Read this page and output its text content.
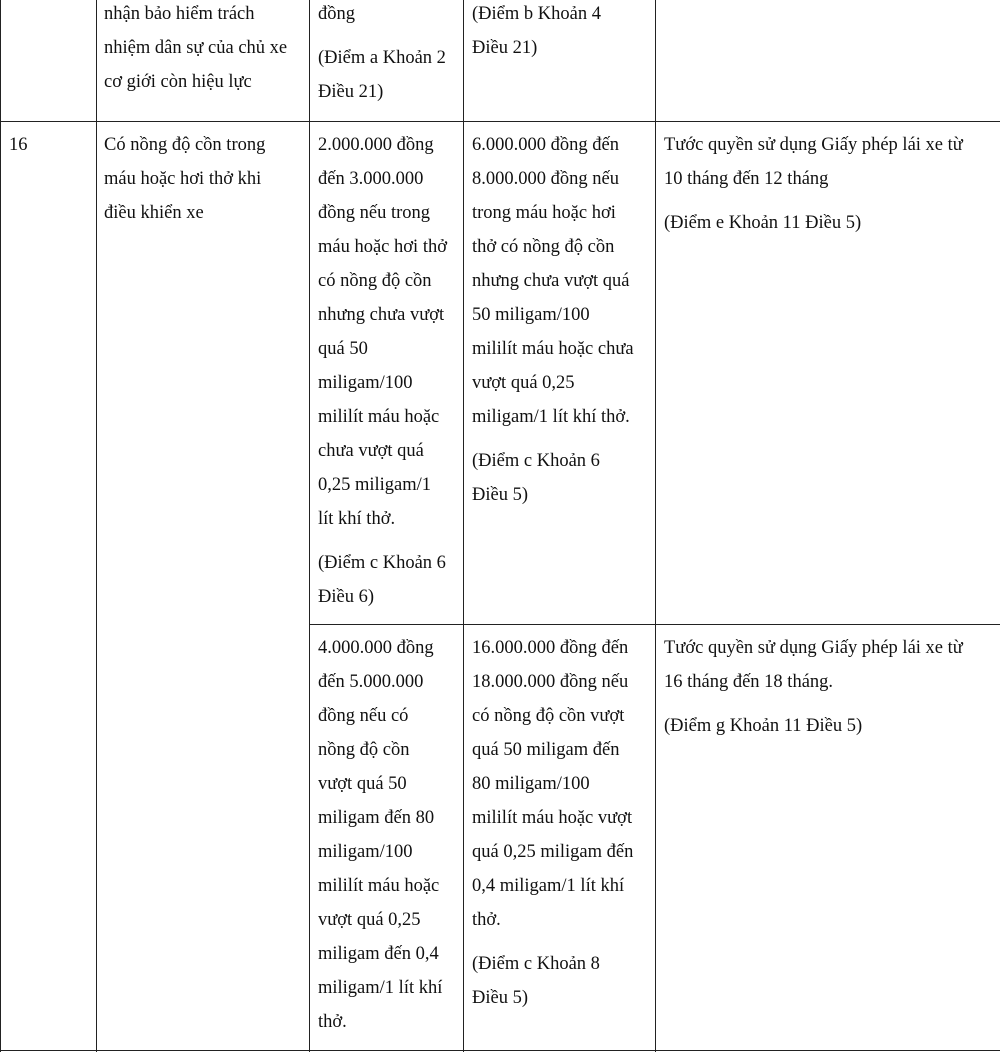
nhận bảo hiểm trách
nhiệm dân sự của chủ xe
cơ giới còn hiệu lực
đồng
(Điểm a Khoản 2
Điều 21)
(Điểm b Khoản 4
Điều 21)
16	Có nồng độ cồn trong
máu hoặc hơi thở khi
điều khiển xe
2.000.000 đồng
đến 3.000.000
đồng nếu trong
máu hoặc hơi thở
có nồng độ cồn
nhưng chưa vượt
quá 50
miligam/100
mililít máu hoặc
chưa vượt quá
0,25 miligam/1
lít khí thở.
(Điểm c Khoản 6
Điều 6)
6.000.000 đồng đến
8.000.000 đồng nếu
trong máu hoặc hơi
thở có nồng độ cồn
nhưng chưa vượt quá
50 miligam/100
mililít máu hoặc chưa
vượt quá 0,25
miligam/1 lít khí thở.
(Điểm c Khoản 6
Điều 5)
Tước quyền sử dụng Giấy phép lái xe từ
10 tháng đến 12 tháng
(Điểm e Khoản 11 Điều 5)
4.000.000 đồng
đến 5.000.000
đồng nếu có
nồng độ cồn
vượt quá 50
miligam đến 80
miligam/100
mililít máu hoặc
vượt quá 0,25
miligam đến 0,4
miligam/1 lít khí
thở.
16.000.000 đồng đến
18.000.000 đồng nếu
có nồng độ cồn vượt
quá 50 miligam đến
80 miligam/100
mililít máu hoặc vượt
quá 0,25 miligam đến
0,4 miligam/1 lít khí
thở.
(Điểm c Khoản 8
Điều 5)
Tước quyền sử dụng Giấy phép lái xe từ
16 tháng đến 18 tháng.
(Điểm g Khoản 11 Điều 5)
